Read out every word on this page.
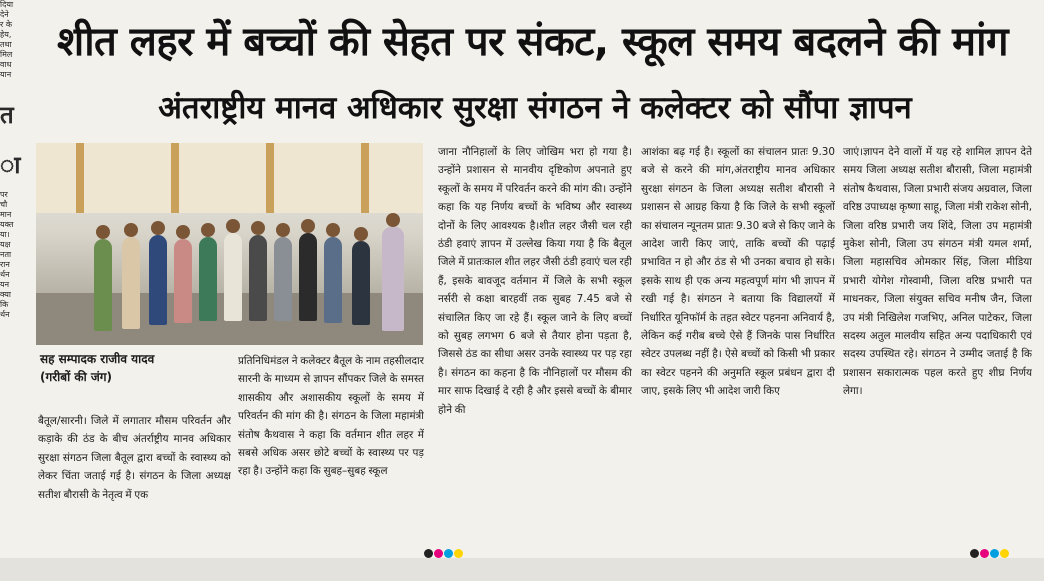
दिया
देने
र के
हेय,
तथा
मिल
वाध
यान
त
ा
पर
चौ
मान
यक्त
या।
यक्ष
नता
रान
र्थन
यन
क्या
कि
र्थन
शीत लहर में बच्चों की सेहत पर संकट, स्कूल समय बदलने की मांग
अंतराष्ट्रीय मानव अधिकार सुरक्षा संगठन ने कलेक्टर को सौंपा ज्ञापन
सह सम्पादक राजीव यादव
(गरीबों की जंग)
बैतूल/सारनी। जिले में लगातार मौसम परिवर्तन और कड़ाके की ठंड के बीच अंतर्राष्ट्रीय मानव अधिकार सुरक्षा संगठन जिला बैतूल द्वारा बच्चों के स्वास्थ्य को लेकर चिंता जताई गई है। संगठन के जिला अध्यक्ष सतीश बौरासी के नेतृत्व में एक
प्रतिनिधिमंडल ने कलेक्टर बैतूल के नाम तहसीलदार सारनी के माध्यम से ज्ञापन सौंपकर जिले के समस्त शासकीय और अशासकीय स्कूलों के समय में परिवर्तन की मांग की है। संगठन के जिला महामंत्री संतोष कैथवास ने कहा कि वर्तमान शीत लहर में सबसे अधिक असर छोटे बच्चों के स्वास्थ्य पर पड़ रहा है। उन्होंने कहा कि सुबह–सुबह स्कूल
जाना नौनिहालों के लिए जोखिम भरा हो गया है। उन्होंने प्रशासन से मानवीय दृष्टिकोण अपनाते हुए स्कूलों के समय में परिवर्तन करने की मांग की। उन्होंने कहा कि यह निर्णय बच्चों के भविष्य और स्वास्थ्य दोनों के लिए आवश्यक है।शीत लहर जैसी चल रही ठंडी हवाएं ज्ञापन में उल्लेख किया गया है कि बैतूल जिले में प्रातःकाल शीत लहर जैसी ठंडी हवाएं चल रही हैं, इसके बावजूद वर्तमान में जिले के सभी स्कूल नर्सरी से कक्षा बारहवीं तक सुबह 7.45 बजे से संचालित किए जा रहे हैं। स्कूल जाने के लिए बच्चों को सुबह लगभग 6 बजे से तैयार होना पड़ता है, जिससे ठंड का सीधा असर उनके स्वास्थ्य पर पड़ रहा है। संगठन का कहना है कि नौनिहालों पर मौसम की मार साफ दिखाई दे रही है और इससे बच्चों के बीमार होने की
आशंका बढ़ गई है। स्कूलों का संचालन प्रातः 9.30 बजे से करने की मांग,अंतराष्ट्रीय मानव अधिकार सुरक्षा संगठन के जिला अध्यक्ष सतीश बौरासी ने प्रशासन से आग्रह किया है कि जिले के सभी स्कूलों का संचालन न्यूनतम प्रातः 9.30 बजे से किए जाने के आदेश जारी किए जाएं, ताकि बच्चों की पढ़ाई प्रभावित न हो और ठंड से भी उनका बचाव हो सके। इसके साथ ही एक अन्य महत्वपूर्ण मांग भी ज्ञापन में रखी गई है। संगठन ने बताया कि विद्यालयों में निर्धारित यूनिफॉर्म के तहत स्वेटर पहनना अनिवार्य है, लेकिन कई गरीब बच्चे ऐसे हैं जिनके पास निर्धारित स्वेटर उपलब्ध नहीं है। ऐसे बच्चों को किसी भी प्रकार का स्वेटर पहनने की अनुमति स्कूल प्रबंधन द्वारा दी जाए, इसके लिए भी आदेश जारी किए
जाएं।ज्ञापन देने वालों में यह रहे शामिल ज्ञापन देते समय जिला अध्यक्ष सतीश बौरासी, जिला महामंत्री संतोष कैथवास, जिला प्रभारी संजय अग्रवाल, जिला वरिष्ठ उपाध्यक्ष कृष्णा साहू, जिला मंत्री राकेश सोनी, जिला वरिष्ठ प्रभारी जय शिंदे, जिला उप महामंत्री मुकेश सोनी, जिला उप संगठन मंत्री यमल शर्मा, जिला महासचिव ओमकार सिंह, जिला मीडिया प्रभारी योगेश गोस्वामी, जिला वरिष्ठ प्रभारी पत माधनकर, जिला संयुक्त सचिव मनीष जैन, जिला उप मंत्री निखिलेश गजभिए, अनिल पाटेकर, जिला सदस्य अतुल मालवीय सहित अन्य पदाधिकारी एवं सदस्य उपस्थित रहे। संगठन ने उम्मीद जताई है कि प्रशासन सकारात्मक पहल करते हुए शीघ्र निर्णय लेगा।
